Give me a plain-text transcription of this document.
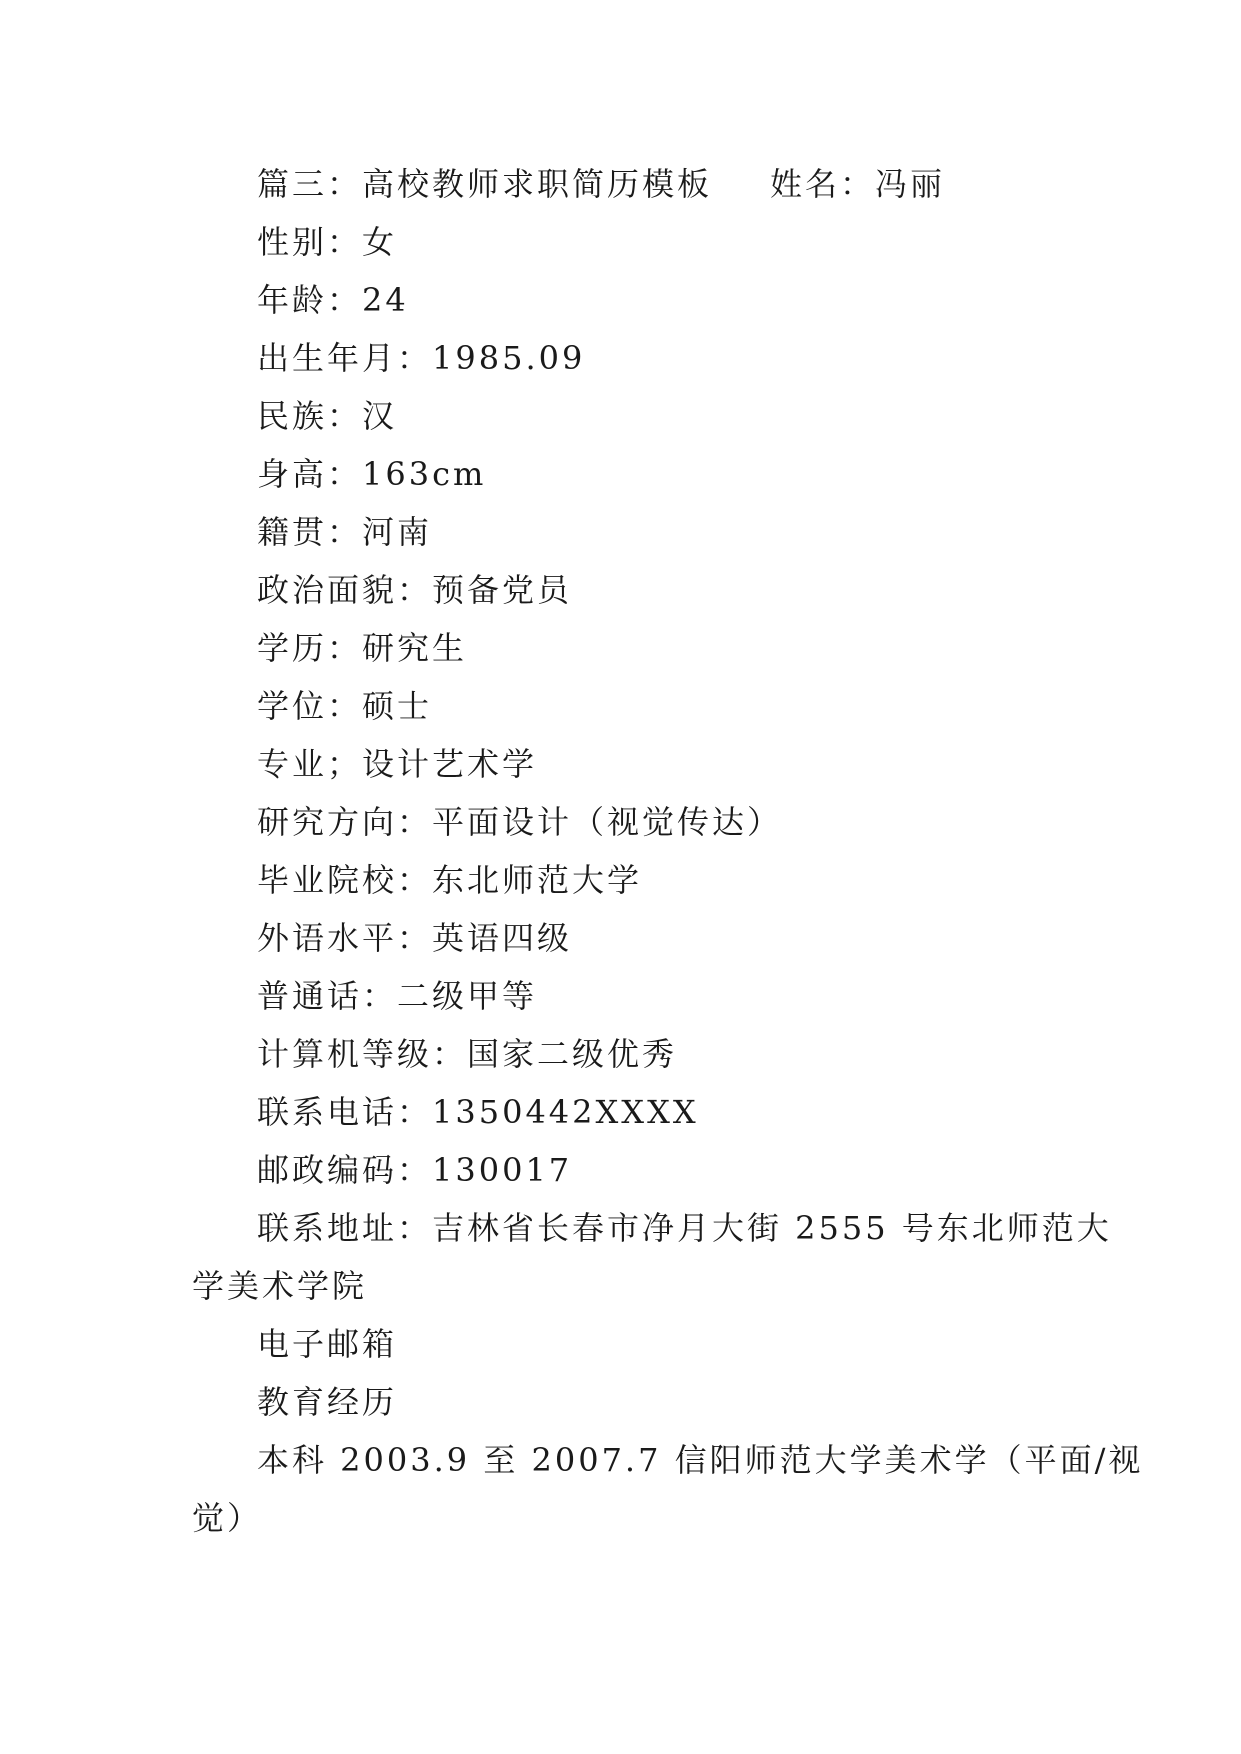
篇三：高校教师求职简历模板 姓名：冯丽
性别：女
年龄：24
出生年月：1985.09
民族：汉
身高：163cm
籍贯：河南
政治面貌：预备党员
学历：研究生
学位：硕士
专业；设计艺术学
研究方向：平面设计（视觉传达）
毕业院校：东北师范大学
外语水平：英语四级
普通话：二级甲等
计算机等级：国家二级优秀
联系电话：1350442XXXX
邮政编码：130017
联系地址：吉林省长春市净月大街 2555 号东北师范大
学美术学院
电子邮箱
教育经历
本科 2003.9 至 2007.7 信阳师范大学美术学（平面/视
觉）
